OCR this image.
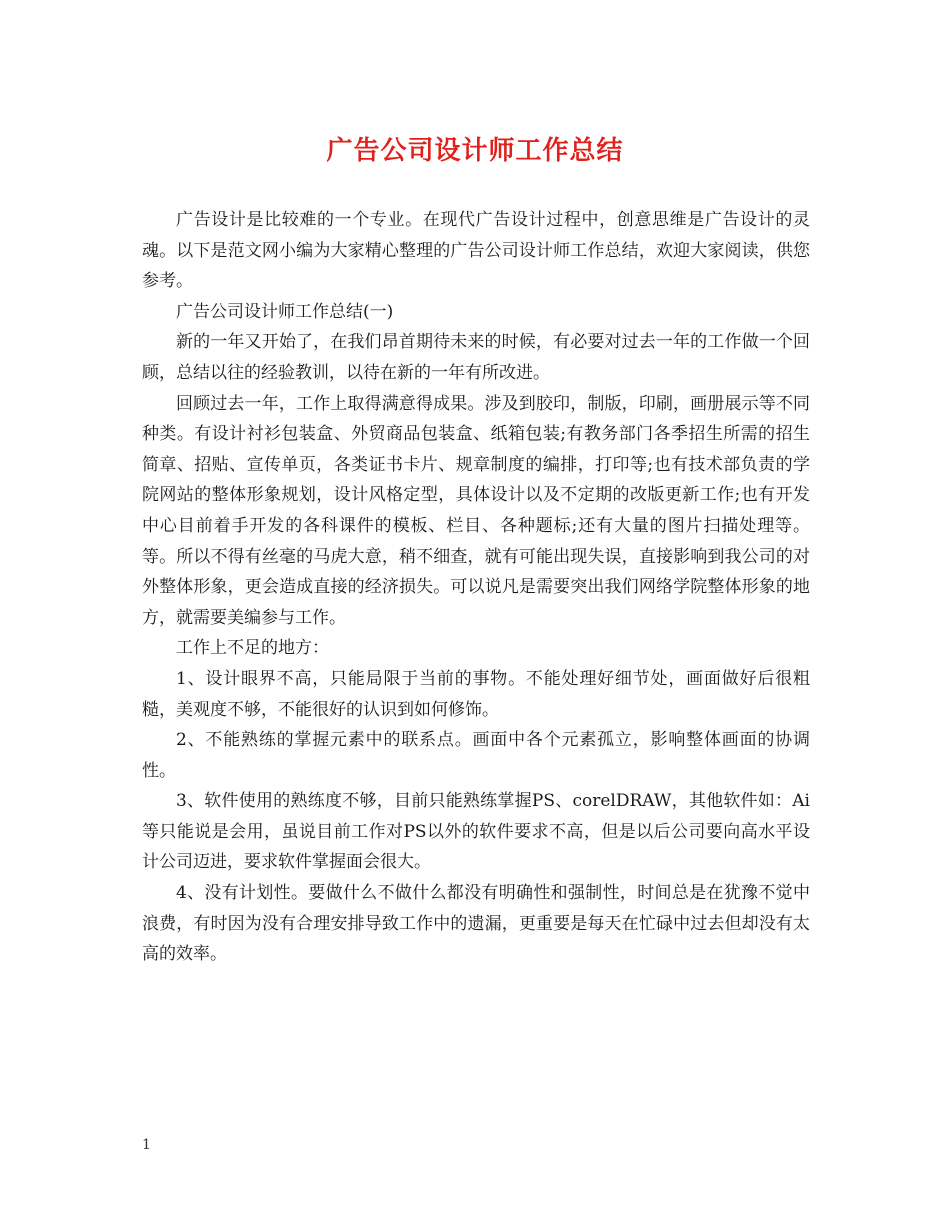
广告公司设计师工作总结

广告设计是比较难的一个专业。在现代广告设计过程中，创意思维是广告设计的灵魂。以下是范文网小编为大家精心整理的广告公司设计师工作总结，欢迎大家阅读，供您参考。

广告公司设计师工作总结(一)

新的一年又开始了，在我们昂首期待未来的时候，有必要对过去一年的工作做一个回顾，总结以往的经验教训，以待在新的一年有所改进。

回顾过去一年，工作上取得满意得成果。涉及到胶印，制版，印刷，画册展示等不同种类。有设计衬衫包装盒、外贸商品包装盒、纸箱包装;有教务部门各季招生所需的招生简章、招贴、宣传单页，各类证书卡片、规章制度的编排，打印等;也有技术部负责的学院网站的整体形象规划，设计风格定型，具体设计以及不定期的改版更新工作;也有开发中心目前着手开发的各科课件的模板、栏目、各种题标;还有大量的图片扫描处理等。等。所以不得有丝毫的马虎大意，稍不细查，就有可能出现失误，直接影响到我公司的对外整体形象，更会造成直接的经济损失。可以说凡是需要突出我们网络学院整体形象的地方，就需要美编参与工作。

工作上不足的地方：

1、设计眼界不高，只能局限于当前的事物。不能处理好细节处，画面做好后很粗糙，美观度不够，不能很好的认识到如何修饰。

2、不能熟练的掌握元素中的联系点。画面中各个元素孤立，影响整体画面的协调性。

3、软件使用的熟练度不够，目前只能熟练掌握PS、corelDRAW，其他软件如：Ai等只能说是会用，虽说目前工作对PS以外的软件要求不高，但是以后公司要向高水平设计公司迈进，要求软件掌握面会很大。

4、没有计划性。要做什么不做什么都没有明确性和强制性，时间总是在犹豫不觉中浪费，有时因为没有合理安排导致工作中的遗漏，更重要是每天在忙碌中过去但却没有太高的效率。

1
